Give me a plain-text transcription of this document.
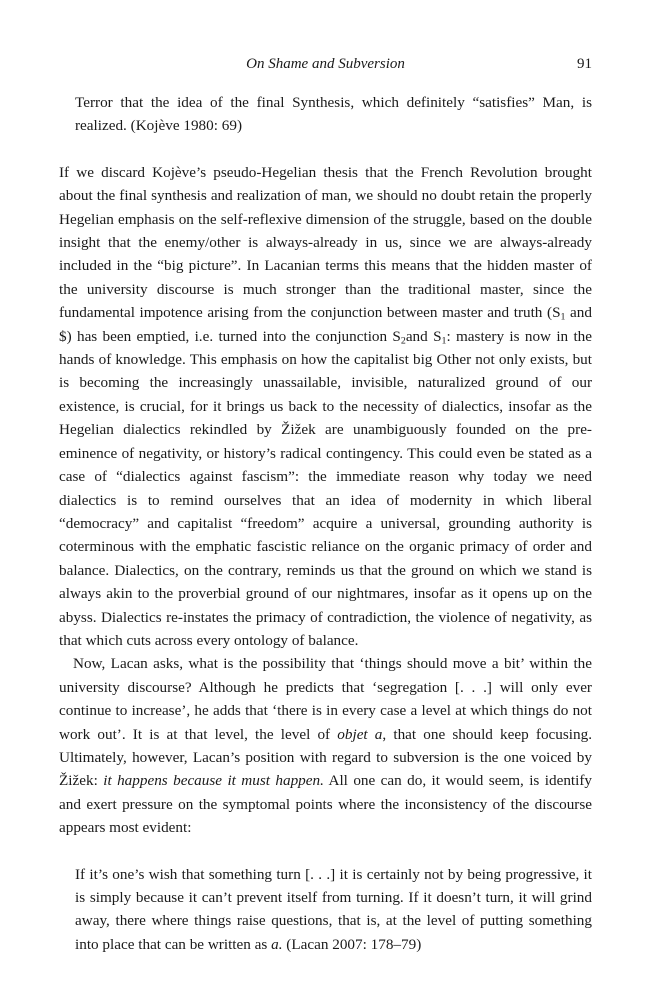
On Shame and Subversion	91

Terror that the idea of the final Synthesis, which definitely “satisfies” Man, is realized. (Kojève 1980: 69)

If we discard Kojève’s pseudo-Hegelian thesis that the French Revolution brought about the final synthesis and realization of man, we should no doubt retain the properly Hegelian emphasis on the self-reflexive dimension of the struggle, based on the double insight that the enemy/other is always-already in us, since we are always-already included in the “big picture”. In Lacanian terms this means that the hidden master of the university discourse is much stronger than the traditional master, since the fundamental impotence arising from the conjunction between master and truth ($S_1$ and $) has been emptied, i.e. turned into the conjunction $S_2and$ $S_1$: mastery is now in the hands of knowledge. This emphasis on how the capitalist big Other not only exists, but is becoming the increasingly unassailable, invisible, naturalized ground of our existence, is crucial, for it brings us back to the necessity of dialectics, insofar as the Hegelian dialectics rekindled by Žižek are unambiguously founded on the pre-eminence of negativity, or history’s radical contingency. This could even be stated as a case of “dialectics against fascism”: the immediate reason why today we need dialectics is to remind ourselves that an idea of modernity in which liberal “democracy” and capitalist “freedom” acquire a universal, grounding authority is coterminous with the emphatic fascistic reliance on the organic primacy of order and balance. Dialectics, on the contrary, reminds us that the ground on which we stand is always akin to the proverbial ground of our nightmares, insofar as it opens up on the abyss. Dialectics re-instates the primacy of contradiction, the violence of negativity, as that which cuts across every ontology of balance.

Now, Lacan asks, what is the possibility that ‘things should move a bit’ within the university discourse? Although he predicts that ‘segregation [. . .] will only ever continue to increase’, he adds that ‘there is in every case a level at which things do not work out’. It is at that level, the level of objet a, that one should keep focusing. Ultimately, however, Lacan’s position with regard to subversion is the one voiced by Žižek: it happens because it must happen. All one can do, it would seem, is identify and exert pressure on the symptomal points where the inconsistency of the discourse appears most evident:

If it’s one’s wish that something turn [. . .] it is certainly not by being progressive, it is simply because it can’t prevent itself from turning. If it doesn’t turn, it will grind away, there where things raise questions, that is, at the level of putting something into place that can be written as a. (Lacan 2007: 178–79)
